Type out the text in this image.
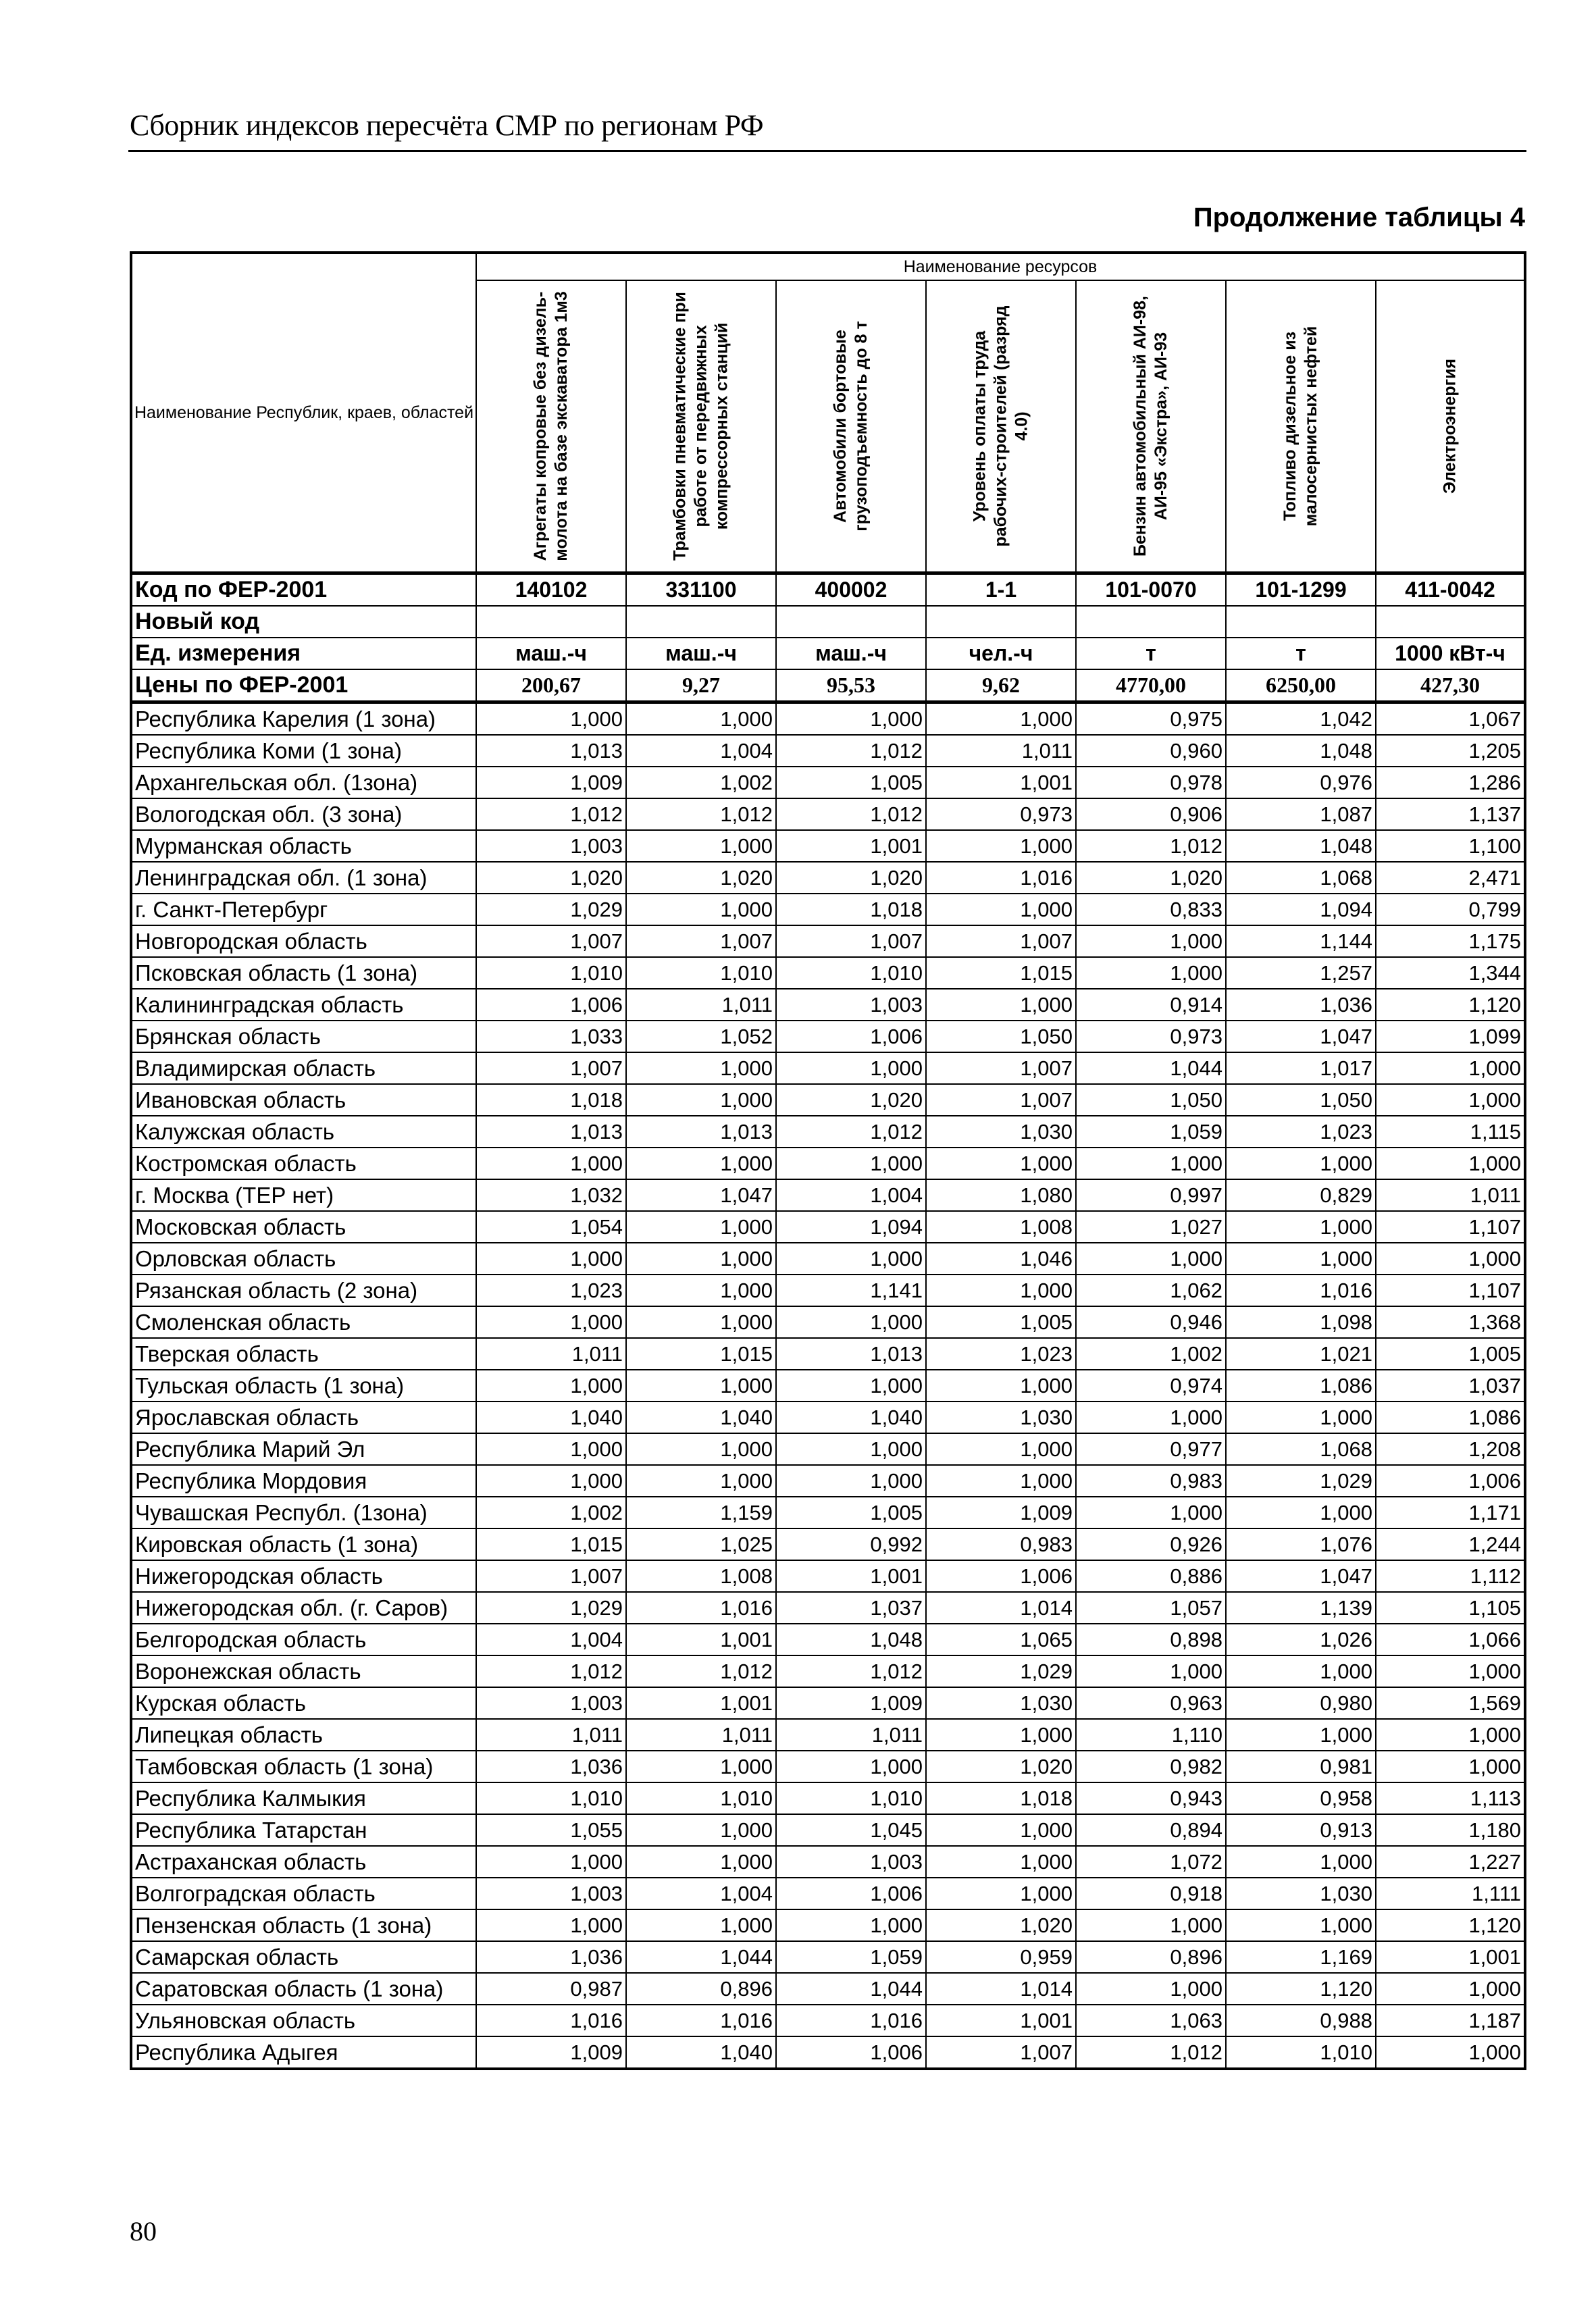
Сборник индексов пересчёта СМР по регионам РФ
Продолжение таблицы 4
Наименование Республик, краев, областей	Наименование ресурсов						

	Агрегаты копровые без дизель-молота на базе экскаватора 1м3	Трамбовки пневматические при работе от передвижных компрессорных станций	Автомобили бортовые грузоподъемность до 8 т	Уровень оплаты труда рабочих-строителей (разряд 4.0)	Бензин автомобильный АИ-98, АИ-95 «Экстра», АИ-93	Топливо дизельное из малосернистых нефтей	Электроэнергия

Код по ФЕР-2001	140102	331100	400002	1-1	101-0070	101-1299	411-0042
Новый код							
Ед. измерения	маш.-ч	маш.-ч	маш.-ч	чел.-ч	т	т	1000 кВт-ч
Цены по ФЕР-2001	200,67	9,27	95,53	9,62	4770,00	6250,00	427,30
Республика Карелия (1 зона)	1,000	1,000	1,000	1,000	0,975	1,042	1,067
Республика Коми (1 зона)	1,013	1,004	1,012	1,011	0,960	1,048	1,205
Архангельская обл. (1зона)	1,009	1,002	1,005	1,001	0,978	0,976	1,286
Вологодская обл. (3 зона)	1,012	1,012	1,012	0,973	0,906	1,087	1,137
Мурманская область	1,003	1,000	1,001	1,000	1,012	1,048	1,100
Ленинградская обл. (1 зона)	1,020	1,020	1,020	1,016	1,020	1,068	2,471
г. Санкт-Петербург	1,029	1,000	1,018	1,000	0,833	1,094	0,799
Новгородская область	1,007	1,007	1,007	1,007	1,000	1,144	1,175
Псковская область (1 зона)	1,010	1,010	1,010	1,015	1,000	1,257	1,344
Калининградская область	1,006	1,011	1,003	1,000	0,914	1,036	1,120
Брянская область	1,033	1,052	1,006	1,050	0,973	1,047	1,099
Владимирская область	1,007	1,000	1,000	1,007	1,044	1,017	1,000
Ивановская область	1,018	1,000	1,020	1,007	1,050	1,050	1,000
Калужская область	1,013	1,013	1,012	1,030	1,059	1,023	1,115
Костромская область	1,000	1,000	1,000	1,000	1,000	1,000	1,000
г. Москва (ТЕР нет)	1,032	1,047	1,004	1,080	0,997	0,829	1,011
Московская область	1,054	1,000	1,094	1,008	1,027	1,000	1,107
Орловская область	1,000	1,000	1,000	1,046	1,000	1,000	1,000
Рязанская область (2 зона)	1,023	1,000	1,141	1,000	1,062	1,016	1,107
Смоленская область	1,000	1,000	1,000	1,005	0,946	1,098	1,368
Тверская область	1,011	1,015	1,013	1,023	1,002	1,021	1,005
Тульская область (1 зона)	1,000	1,000	1,000	1,000	0,974	1,086	1,037
Ярославская область	1,040	1,040	1,040	1,030	1,000	1,000	1,086
Республика Марий Эл	1,000	1,000	1,000	1,000	0,977	1,068	1,208
Республика Мордовия	1,000	1,000	1,000	1,000	0,983	1,029	1,006
Чувашская Республ. (1зона)	1,002	1,159	1,005	1,009	1,000	1,000	1,171
Кировская область (1 зона)	1,015	1,025	0,992	0,983	0,926	1,076	1,244
Нижегородская область	1,007	1,008	1,001	1,006	0,886	1,047	1,112
Нижегородская обл. (г. Саров)	1,029	1,016	1,037	1,014	1,057	1,139	1,105
Белгородская область	1,004	1,001	1,048	1,065	0,898	1,026	1,066
Воронежская область	1,012	1,012	1,012	1,029	1,000	1,000	1,000
Курская область	1,003	1,001	1,009	1,030	0,963	0,980	1,569
Липецкая область	1,011	1,011	1,011	1,000	1,110	1,000	1,000
Тамбовская область (1 зона)	1,036	1,000	1,000	1,020	0,982	0,981	1,000
Республика Калмыкия	1,010	1,010	1,010	1,018	0,943	0,958	1,113
Республика Татарстан	1,055	1,000	1,045	1,000	0,894	0,913	1,180
Астраханская область	1,000	1,000	1,003	1,000	1,072	1,000	1,227
Волгоградская область	1,003	1,004	1,006	1,000	0,918	1,030	1,111
Пензенская область (1 зона)	1,000	1,000	1,000	1,020	1,000	1,000	1,120
Самарская область	1,036	1,044	1,059	0,959	0,896	1,169	1,001
Саратовская область (1 зона)	0,987	0,896	1,044	1,014	1,000	1,120	1,000
Ульяновская область	1,016	1,016	1,016	1,001	1,063	0,988	1,187
Республика Адыгея	1,009	1,040	1,006	1,007	1,012	1,010	1,000
80
